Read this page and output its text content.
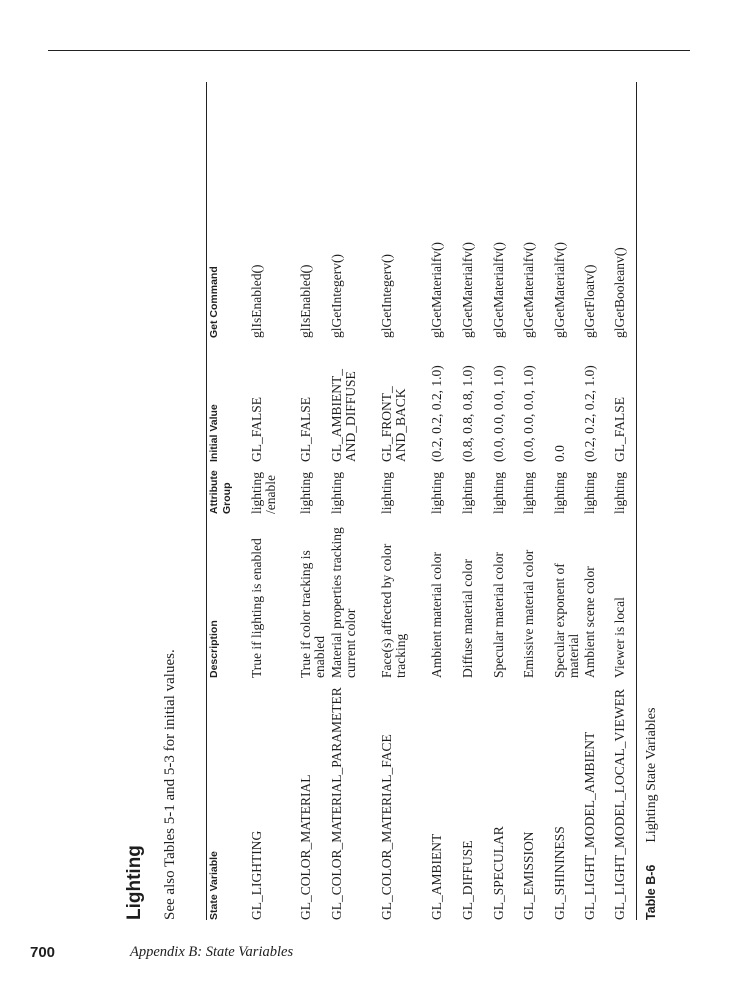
Lighting See also Tables 5-1 and 5-3 for initial values.	State Variable
Description
Attribute Group
Initial Value
Get Command
GL_LIGHTING
True if lighting is enabled
lighting /enable
GL_FALSE
glIsEnabled()
GL_COLOR_MATERIAL
True if color tracking is enabled
lighting
GL_FALSE
glIsEnabled()
GL_COLOR_MATERIAL_PARAMETER
Material properties tracking current color
lighting
GL_AMBIENT_ AND_DIFFUSE
glGetIntegerv()
GL_COLOR_MATERIAL_FACE
Face(s) affected by color tracking
lighting
GL_FRONT_ AND_BACK
glGetIntegerv()
GL_AMBIENT
Ambient material color
lighting
(0.2, 0.2, 0.2, 1.0)
glGetMaterialfv()
GL_DIFFUSE
Diffuse material color
lighting
(0.8, 0.8, 0.8, 1.0)
glGetMaterialfv()
GL_SPECULAR
Specular material color
lighting
(0.0, 0.0, 0.0, 1.0)
glGetMaterialfv()
GL_EMISSION
Emissive material color
lighting
(0.0, 0.0, 0.0, 1.0)
glGetMaterialfv()
GL_SHININESS
Specular exponent of material
lighting
0.0
glGetMaterialfv()
GL_LIGHT_MODEL_AMBIENT
Ambient scene color
lighting
(0.2, 0.2, 0.2, 1.0)
glGetFloatv()
GL_LIGHT_MODEL_LOCAL_VIEWER
Viewer is local
lighting
GL_FALSE
glGetBooleanv()
Table B-6Lighting State Variables
700	Appendix B: State Variables
